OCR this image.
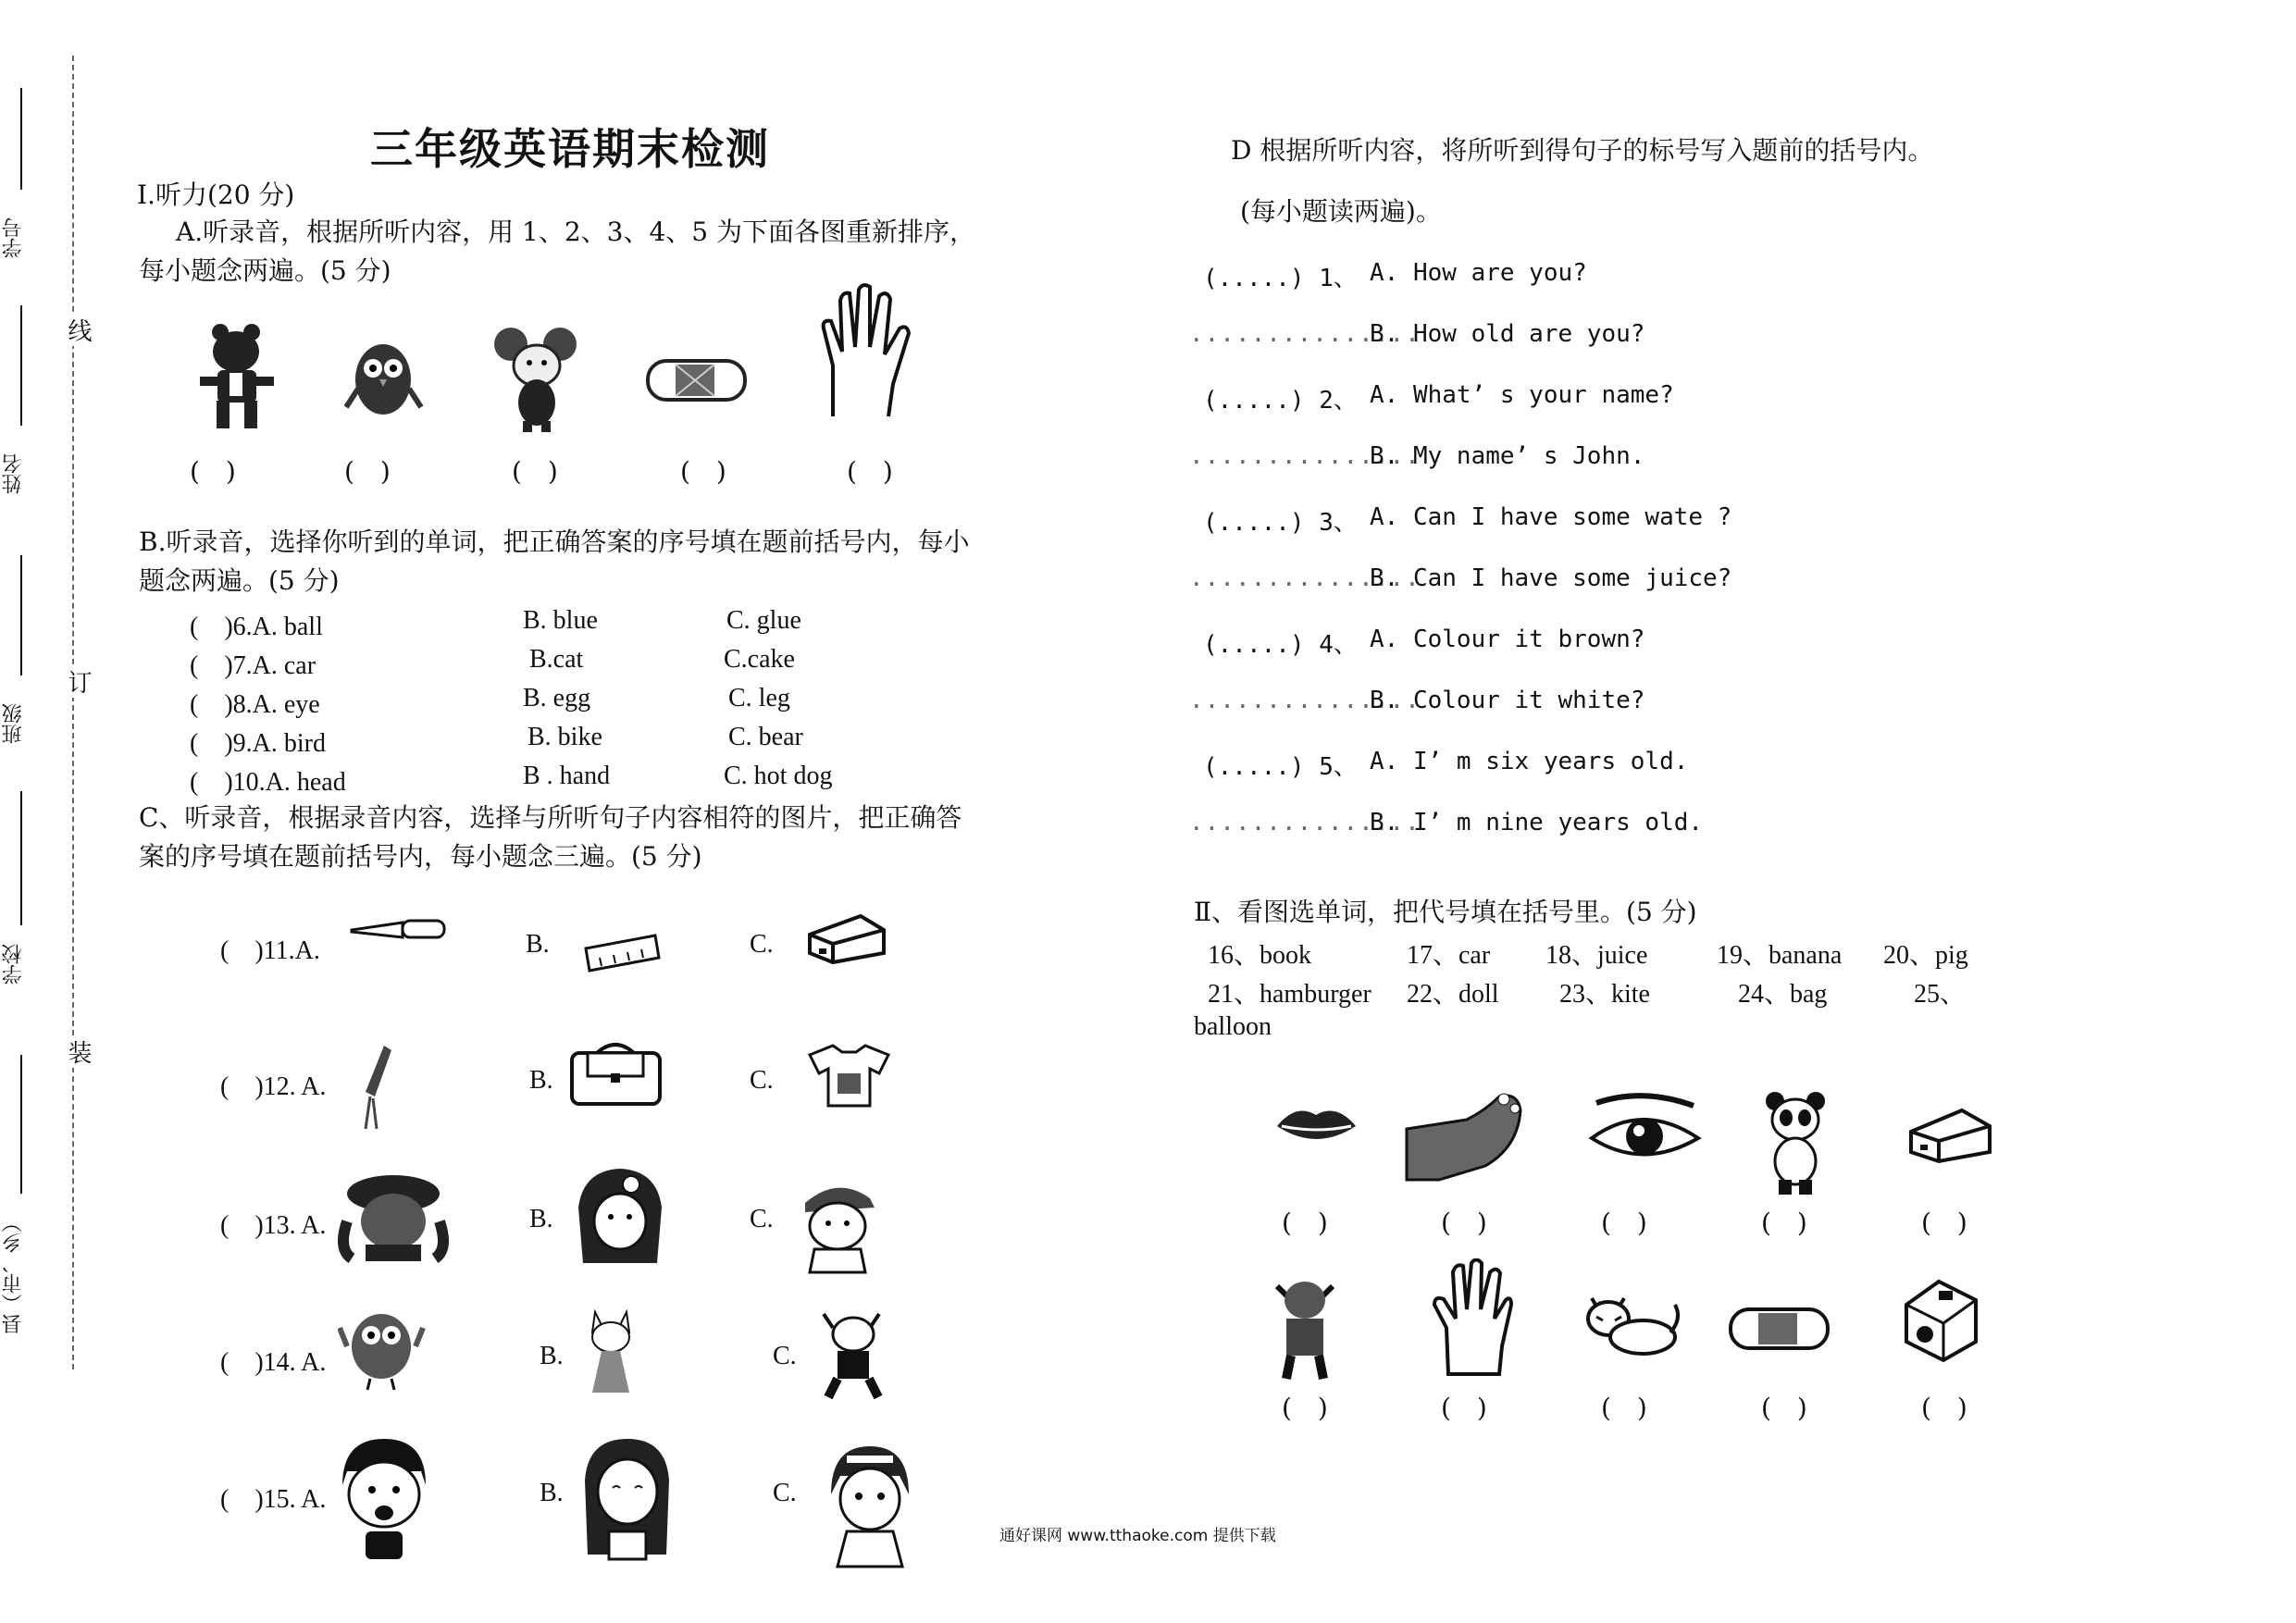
学号
姓名
班级
学校
县（市、乡）
线
订
装
三年级英语期末检测
Ⅰ.听力(20 分)
A.听录音，根据所听内容，用 1、2、3、4、5 为下面各图重新排序，
每小题念两遍。(5 分)
(　)	(　)	(　)	(　)	(　)
B.听录音，选择你听到的单词，把正确答案的序号填在题前括号内，每小
题念两遍。(5 分)
(　)6.A. ball	B. blue	C. glue
(　)7.A. car	B.cat	C.cake
(　)8.A. eye	B. egg	C. leg
(　)9.A. bird	B. bike	C. bear
(　)10.A. head	B . hand	C. hot dog
C、听录音，根据录音内容，选择与所听句子内容相符的图片，把正确答
案的序号填在题前括号内，每小题念三遍。(5 分)
(　)11.A.	B.	C.
(　)12. A.	B.	C.
(　)13. A.	B.	C.
(　)14. A.	B.	C.
(　)15. A.	B.	C.
D 根据所听内容，将所听到得句子的标号写入题前的括号内。
(每小题读两遍)。
(.....) 1、 A. How are you?
...............
B. How old are you?
(.....) 2、 A. What’ s your name?
...............
B. My name’ s John.
(.....) 3、 A. Can I have some wate ?
...............
B. Can I have some juice?
(.....) 4、 A. Colour it brown?
...............
B. Colour it white?
(.....) 5、 A. I’ m six years old.
...............
B. I’ m nine years old.
Ⅱ、看图选单词，把代号填在括号里。(5 分)
16、book	17、car 18、juice	19、banana 20、pig
21、hamburger 22、doll 23、kite	24、bag	25、
balloon
(　)	(　)	(　)	(　)	(　)
(　)	(　)	(　)	(　)	(　)
通好课网 www.tthaoke.com 提供下载
